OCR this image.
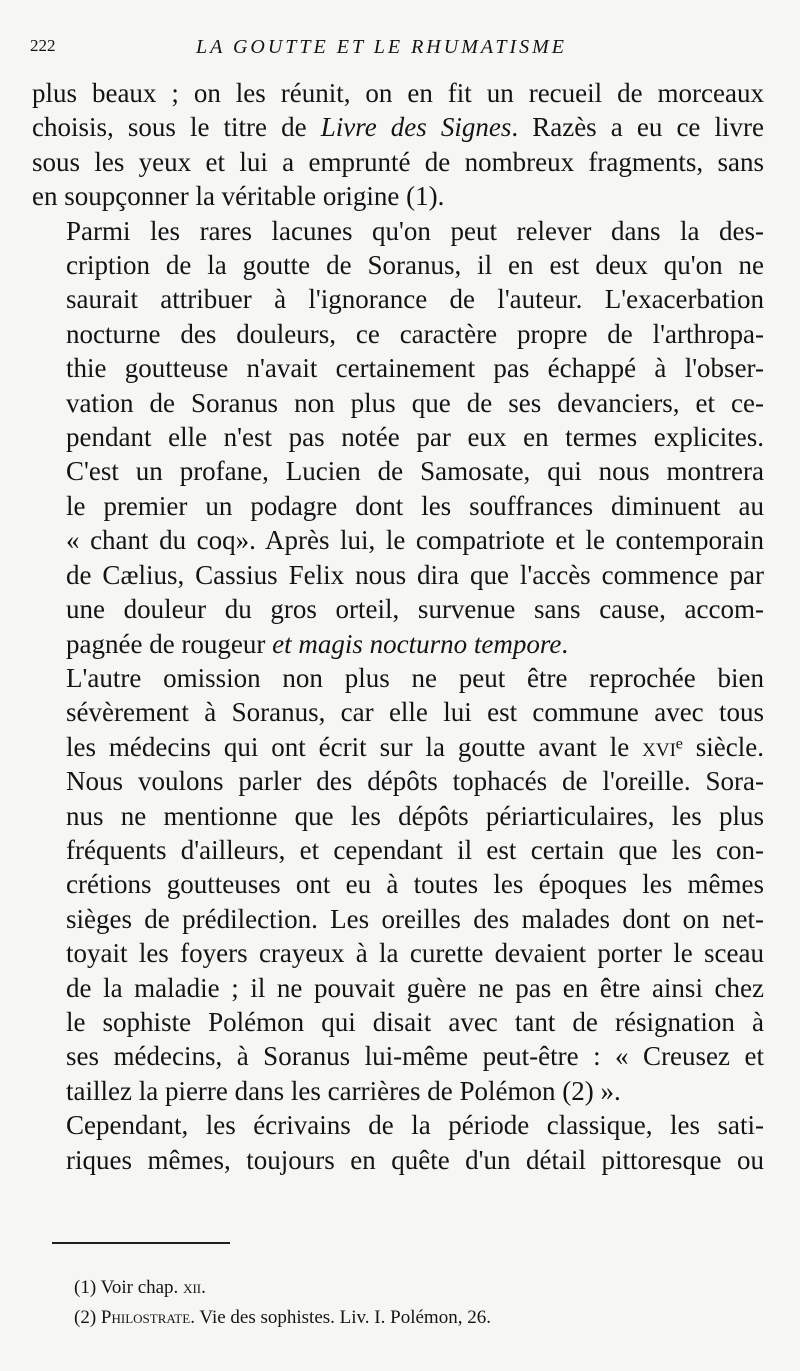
222	LA GOUTTE ET LE RHUMATISME

plus beaux ; on les réunit, on en fit un recueil de morceaux
choisis, sous le titre de Livre des Signes. Razès a eu ce livre
sous les yeux et lui a emprunté de nombreux fragments, sans
en soupçonner la véritable origine (1).

Parmi les rares lacunes qu'on peut relever dans la des-
cription de la goutte de Soranus, il en est deux qu'on ne
saurait attribuer à l'ignorance de l'auteur. L'exacerbation
nocturne des douleurs, ce caractère propre de l'arthropa-
thie goutteuse n'avait certainement pas échappé à l'obser-
vation de Soranus non plus que de ses devanciers, et ce-
pendant elle n'est pas notée par eux en termes explicites.
C'est un profane, Lucien de Samosate, qui nous montrera
le premier un podagre dont les souffrances diminuent au
« chant du coq». Après lui, le compatriote et le contemporain
de Cælius, Cassius Felix nous dira que l'accès commence par
une douleur du gros orteil, survenue sans cause, accom-
pagnée de rougeur et magis nocturno tempore.

L'autre omission non plus ne peut être reprochée bien
sévèrement à Soranus, car elle lui est commune avec tous
les médecins qui ont écrit sur la goutte avant le xviᵉ siècle.
Nous voulons parler des dépôts tophacés de l'oreille. Sora-
nus ne mentionne que les dépôts périarticulaires, les plus
fréquents d'ailleurs, et cependant il est certain que les con-
crétions goutteuses ont eu à toutes les époques les mêmes
sièges de prédilection. Les oreilles des malades dont on net-
toyait les foyers crayeux à la curette devaient porter le sceau
de la maladie ; il ne pouvait guère ne pas en être ainsi chez
le sophiste Polémon qui disait avec tant de résignation à
ses médecins, à Soranus lui-même peut-être : « Creusez et
taillez la pierre dans les carrières de Polémon (2) ».

Cependant, les écrivains de la période classique, les sati-
riques mêmes, toujours en quête d'un détail pittoresque ou

(1) Voir chap. xii.
(2) Philostrate. Vie des sophistes. Liv. I. Polémon, 26.
